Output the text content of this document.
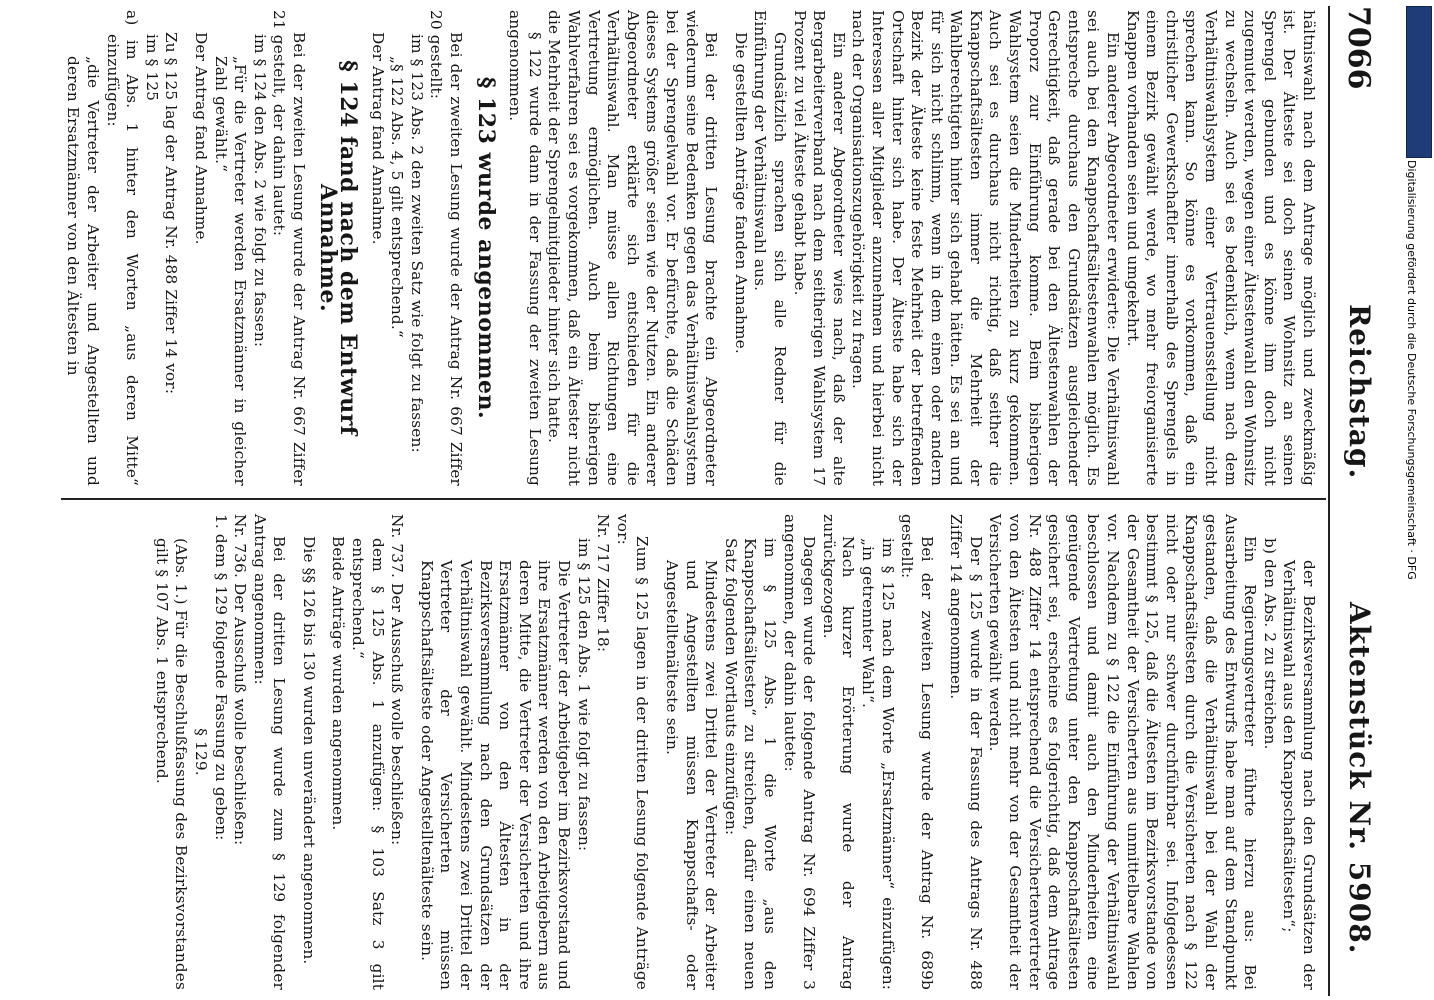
7066
Reichstag.
Aktenstück Nr. 5908.

hältniswahl nach dem Antrage möglich und zweckmäßig ist. Der Älteste sei doch seinen Wohnsitz an seinen Sprengel gebunden und es könne ihm doch nicht zugemutet werden, wegen einer Ältestenwahl den Wohnsitz zu wechseln. Auch sei es bedenklich, wenn nach dem Verhältniswahlsystem einer Vertrauensstellung nicht sprechen kann. So könne es vorkommen, daß ein christlicher Gewerkschaftler innerhalb des Sprengels in einem Bezirk gewählt werde, wo mehr freiorganisierte Knappen vorhanden seien und umgekehrt.

Ein anderer Abgeordneter erwiderte: Die Verhältniswahl sei auch bei den Knappschaftsältestenwahlen möglich. Es entspreche durchaus den Grundsätzen ausgleichender Gerechtigkeit, daß gerade bei den Ältestenwahlen der Proporz zur Einführung komme. Beim bisherigen Wahlsystem seien die Minderheiten zu kurz gekommen. Auch sei es durchaus nicht richtig, daß seither die Knappschaftsältesten immer die Mehrheit der Wahlberechtigten hinter sich gehabt hätten. Es sei an und für sich nicht schlimm, wenn in dem einen oder andern Bezirk der Älteste keine feste Mehrheit der betreffenden Ortschaft hinter sich habe. Der Älteste habe sich der Interessen aller Mitglieder anzunehmen und hierbei nicht nach der Organisationszugehörigkeit zu fragen.

Ein anderer Abgeordneter wies nach, daß der alte Bergarbeiterverband nach dem seitherigen Wahlsystem 17 Prozent zu viel Älteste gehabt habe.

Grundsätzlich sprachen sich alle Redner für die Einführung der Verhältniswahl aus.

Die gestellten Anträge fanden Annahme.

Bei der dritten Lesung brachte ein Abgeordneter wiederum seine Bedenken gegen das Verhältniswahlsystem bei der Sprengelwahl vor. Er befürchte, daß die Schäden dieses Systems größer seien wie der Nutzen. Ein anderer Abgeordneter erklärte sich entschieden für die Verhältniswahl. Man müsse allen Richtungen eine Vertretung ermöglichen. Auch beim bisherigen Wahlverfahren sei es vorgekommen, daß ein Ältester nicht die Mehrheit der Sprengelmitglieder hinter sich hatte.

§ 122 wurde dann in der Fassung der zweiten Lesung angenommen.

§ 123 wurde angenommen.

Bei der zweiten Lesung wurde der Antrag Nr. 667 Ziffer 20 gestellt:

im § 123 Abs. 2 den zweiten Satz wie folgt zu fassen:

„§ 122 Abs. 4, 5 gilt entsprechend.“

Der Antrag fand Annahme.

§ 124 fand nach dem Entwurf Annahme.

Bei der zweiten Lesung wurde der Antrag Nr. 667 Ziffer 21 gestellt, der dahin lautet:

im § 124 den Abs. 2 wie folgt zu fassen:

„Für die Vertreter werden Ersatzmänner in gleicher Zahl gewählt.“

Der Antrag fand Annahme.

Zu § 125 lag der Antrag Nr. 488 Ziffer 14 vor:

im § 125

a) im Abs. 1 hinter den Worten „aus deren Mitte“ einzufügen:

„die Vertreter der Arbeiter und Angestellten und deren Ersatzmänner von den Ältesten in

der Bezirksversammlung nach den Grundsätzen der Verhältniswahl aus den Knappschaftsältesten“;

b) den Abs. 2 zu streichen.

Ein Regierungsvertreter führte hierzu aus: Bei Ausarbeitung des Entwurfs habe man auf dem Standpunkt gestanden, daß die Verhältniswahl bei der Wahl der Knappschaftsältesten durch die Versicherten nach § 122 nicht oder nur schwer durchführbar sei. Infolgedessen bestimmt § 125, daß die Ältesten im Bezirksvorstande von der Gesamtheit der Versicherten aus unmittelbare Wahlen vor. Nachdem zu § 122 die Einführung der Verhältniswahl beschlossen und damit auch den Minderheiten eine genügende Vertretung unter den Knappschaftsältesten gesichert sei, erscheine es folgerichtig, daß dem Antrage Nr. 488 Ziffer 14 entsprechend die Versichertenvertreter von den Ältesten und nicht mehr von der Gesamtheit der Versicherten gewählt werden.

Der § 125 wurde in der Fassung des Antrags Nr. 488 Ziffer 14 angenommen.

Bei der zweiten Lesung wurde der Antrag Nr. 689b gestellt:

im § 125 nach dem Worte „Ersatzmänner“ einzufügen: „in getrennter Wahl“.

Nach kurzer Erörterung wurde der Antrag zurückgezogen.

Dagegen wurde der folgende Antrag Nr. 694 Ziffer 3 angenommen, der dahin lautete:

im § 125 Abs. 1 die Worte „aus den Knappschaftsältesten“ zu streichen, dafür einen neuen Satz folgenden Wortlauts einzufügen:

Mindestens zwei Drittel der Vertreter der Arbeiter und Angestellten müssen Knappschafts- oder Angestelltenälteste sein.

Zum § 125 lagen in der dritten Lesung folgende Anträge vor:

Nr. 717 Ziffer 18:

im § 125 den Abs. 1 wie folgt zu fassen:

Die Vertreter der Arbeitgeber im Bezirksvorstand und ihre Ersatzmänner werden von den Arbeitgebern aus deren Mitte, die Vertreter der Versicherten und ihre Ersatzmänner von den Ältesten in der Bezirksversammlung nach den Grundsätzen der Verhältniswahl gewählt. Mindestens zwei Drittel der Vertreter der Versicherten müssen Knappschaftsälteste oder Angestelltenälteste sein.

Nr. 737. Der Ausschuß wolle beschließen:

dem § 125 Abs. 1 anzufügen: § 103 Satz 3 gilt entsprechend.“

Beide Anträge wurden angenommen.

Die §§ 126 bis 130 wurden unverändert angenommen.

Bei der dritten Lesung wurde zum § 129 folgender Antrag angenommen:

Nr. 736. Der Ausschuß wolle beschließen:

1. dem § 129 folgende Fassung zu geben:

§ 129.

(Abs. 1.) Für die Beschlußfassung des Bezirksvorstandes gilt § 107 Abs. 1 entsprechend.

Digitalisierung gefördert durch die Deutsche Forschungsgemeinschaft · DFG
